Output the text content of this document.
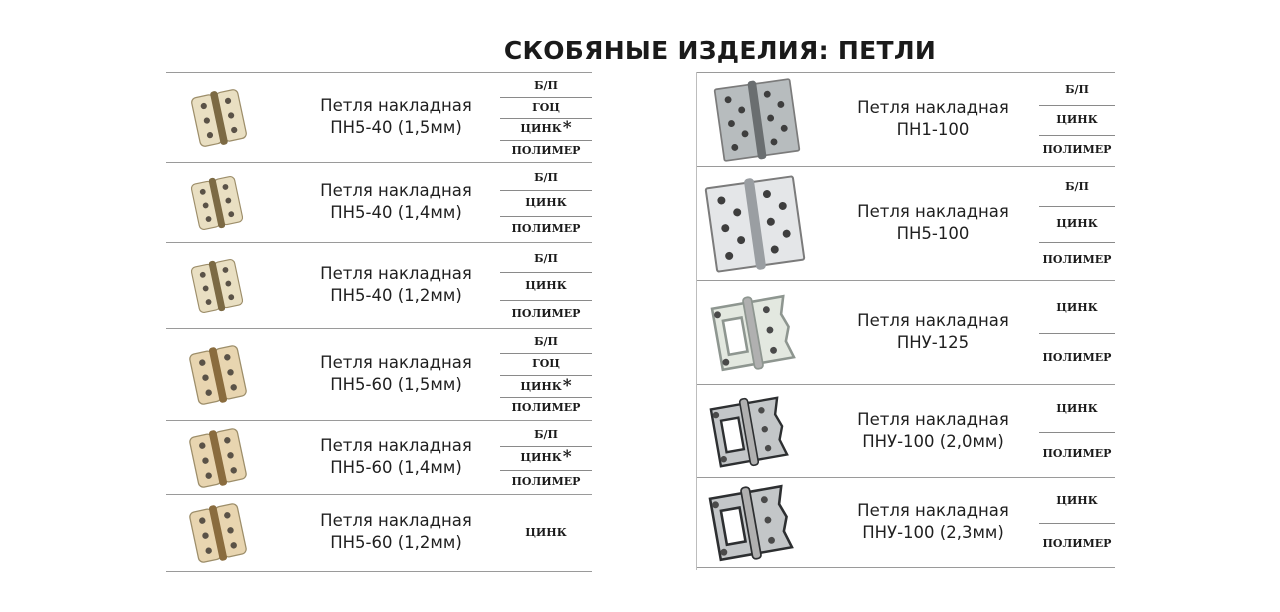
СКОБЯНЫЕ ИЗДЕЛИЯ: ПЕТЛИ
Петля накладная
ПН5-40 (1,5мм)
Б/П
ГОЦ
ЦИНК*
ПОЛИМЕР
Петля накладная
ПН5-40 (1,4мм)
Б/П
ЦИНК
ПОЛИМЕР
Петля накладная
ПН5-40 (1,2мм)
Б/П
ЦИНК
ПОЛИМЕР
Петля накладная
ПН5-60 (1,5мм)
Б/П
ГОЦ
ЦИНК*
ПОЛИМЕР
Петля накладная
ПН5-60 (1,4мм)
Б/П
ЦИНК*
ПОЛИМЕР
Петля накладная
ПН5-60 (1,2мм)
ЦИНК
Петля накладная
ПН1-100
Б/П
ЦИНК
ПОЛИМЕР
Петля накладная
ПН5-100
Б/П
ЦИНК
ПОЛИМЕР
Петля накладная
ПНУ-125
ЦИНК
ПОЛИМЕР
Петля накладная
ПНУ-100 (2,0мм)
ЦИНК
ПОЛИМЕР
Петля накладная
ПНУ-100 (2,3мм)
ЦИНК
ПОЛИМЕР
